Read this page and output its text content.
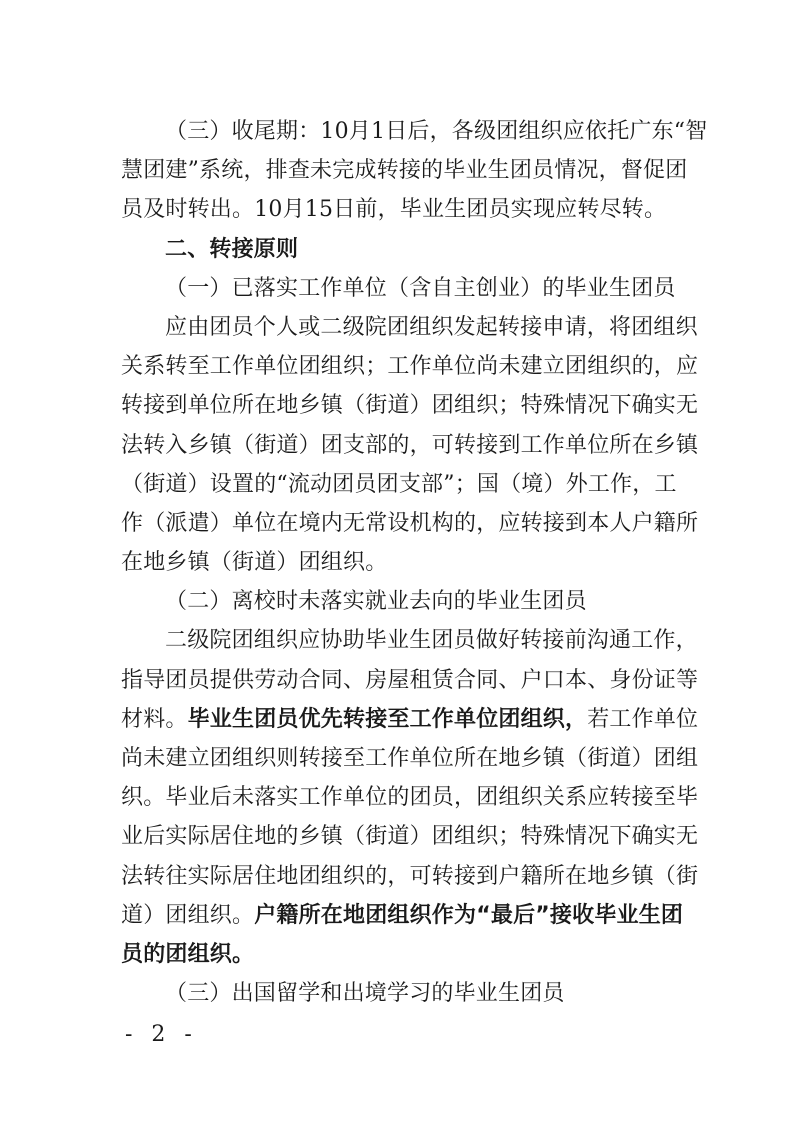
（三）收尾期：10月1日后，各级团组织应依托广东“智
慧团建”系统，排查未完成转接的毕业生团员情况，督促团
员及时转出。10月15日前，毕业生团员实现应转尽转。
二、转接原则
（一）已落实工作单位（含自主创业）的毕业生团员
应由团员个人或二级院团组织发起转接申请，将团组织
关系转至工作单位团组织；工作单位尚未建立团组织的，应
转接到单位所在地乡镇（街道）团组织；特殊情况下确实无
法转入乡镇（街道）团支部的，可转接到工作单位所在乡镇
（街道）设置的“流动团员团支部”；国（境）外工作，工
作（派遣）单位在境内无常设机构的，应转接到本人户籍所
在地乡镇（街道）团组织。
（二）离校时未落实就业去向的毕业生团员
二级院团组织应协助毕业生团员做好转接前沟通工作，
指导团员提供劳动合同、房屋租赁合同、户口本、身份证等
材料。毕业生团员优先转接至工作单位团组织，若工作单位
尚未建立团组织则转接至工作单位所在地乡镇（街道）团组
织。毕业后未落实工作单位的团员，团组织关系应转接至毕
业后实际居住地的乡镇（街道）团组织；特殊情况下确实无
法转往实际居住地团组织的，可转接到户籍所在地乡镇（街
道）团组织。户籍所在地团组织作为“最后”接收毕业生团
员的团组织。
（三）出国留学和出境学习的毕业生团员
- 2 -
